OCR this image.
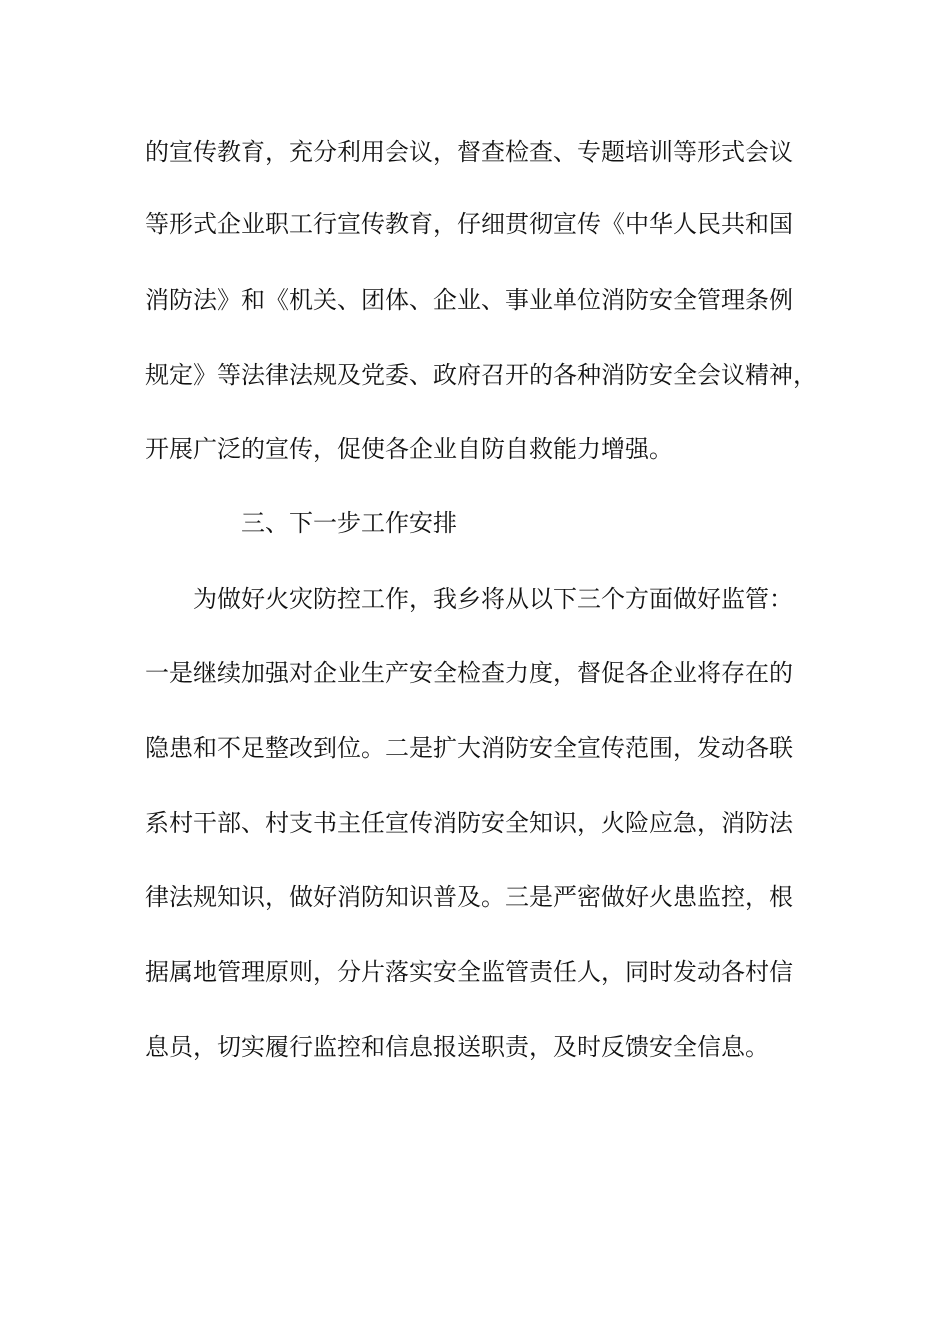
的宣传教育，充分利用会议，督查检查、专题培训等形式会议
等形式企业职工行宣传教育，仔细贯彻宣传《中华人民共和国
消防法》和《机关、团体、企业、事业单位消防安全管理条例
规定》等法律法规及党委、政府召开的各种消防安全会议精神，
开展广泛的宣传，促使各企业自防自救能力增强。
三、下一步工作安排
为做好火灾防控工作，我乡将从以下三个方面做好监管：
一是继续加强对企业生产安全检查力度，督促各企业将存在的
隐患和不足整改到位。二是扩大消防安全宣传范围，发动各联
系村干部、村支书主任宣传消防安全知识，火险应急，消防法
律法规知识，做好消防知识普及。三是严密做好火患监控，根
据属地管理原则，分片落实安全监管责任人，同时发动各村信
息员，切实履行监控和信息报送职责，及时反馈安全信息。
